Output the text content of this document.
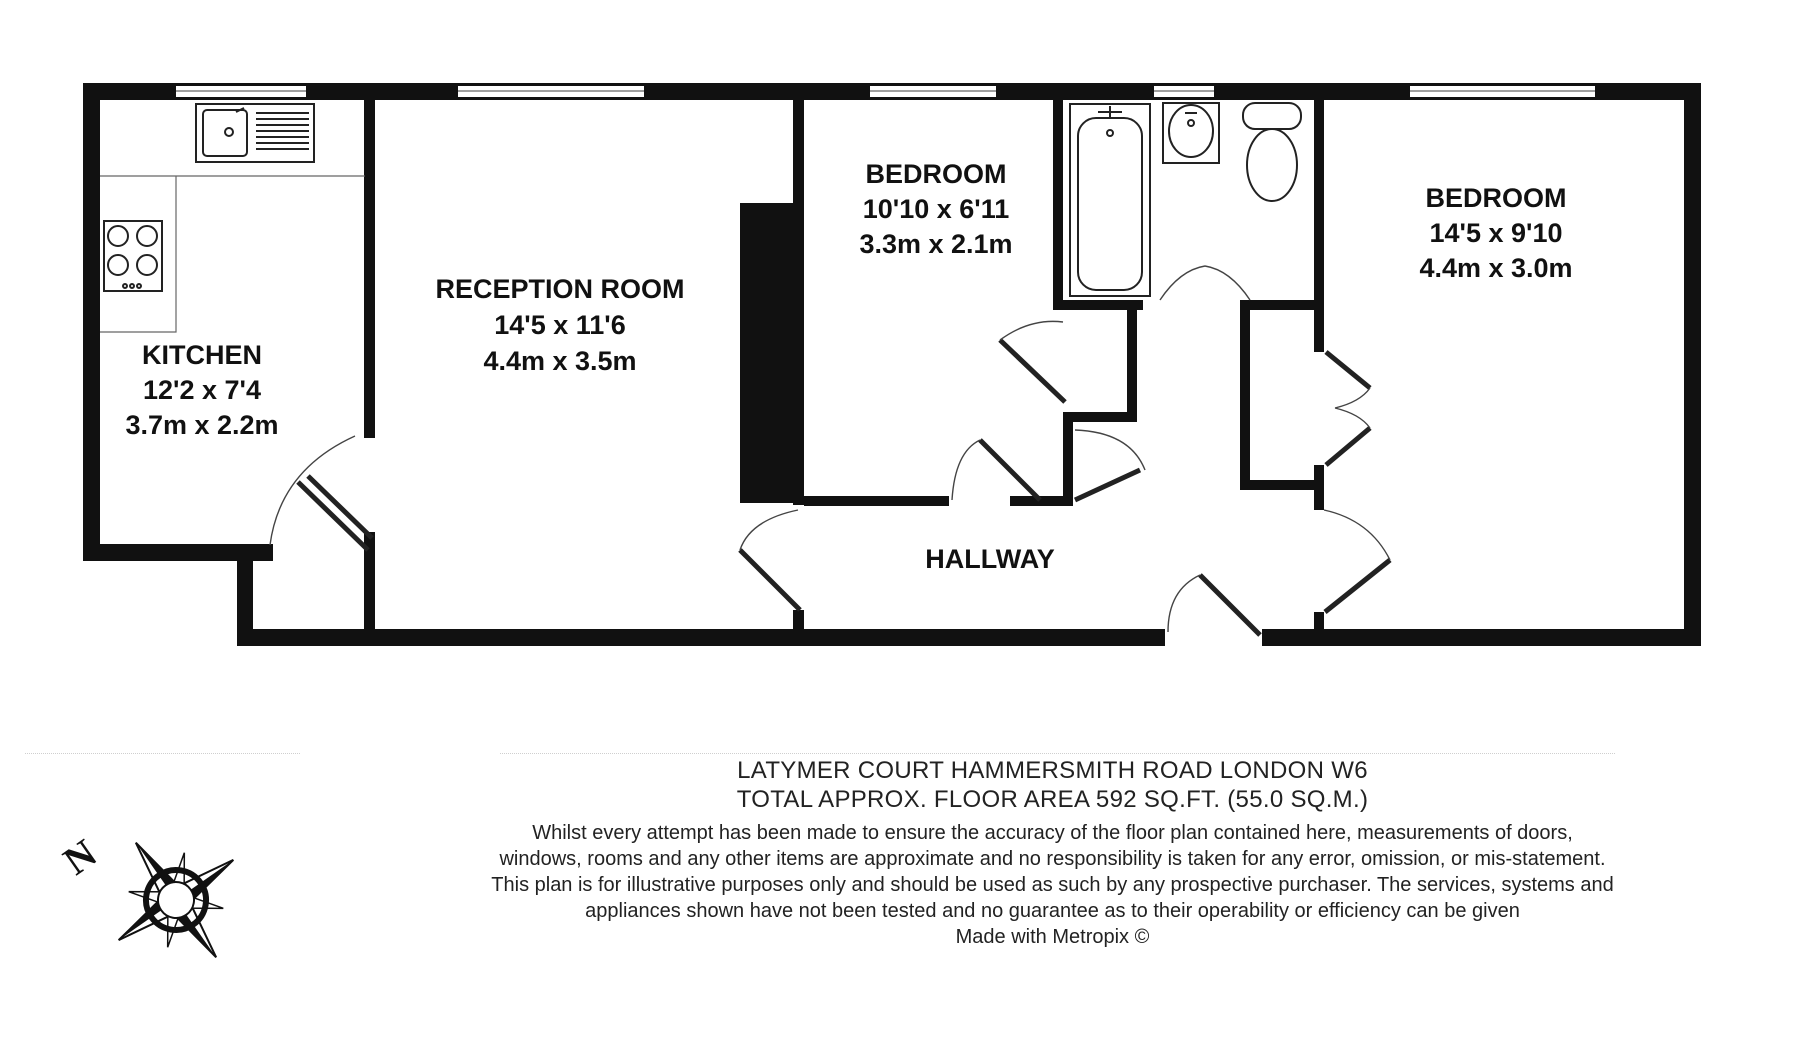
KITCHEN
12'2 x 7'4
3.7m x 2.2m
RECEPTION ROOM
14'5 x 11'6
4.4m x 3.5m
BEDROOM
10'10 x 6'11
3.3m x 2.1m
BEDROOM
14'5 x 9'10
4.4m x 3.0m
HALLWAY
N
LATYMER COURT HAMMERSMITH ROAD LONDON W6
TOTAL APPROX. FLOOR AREA 592 SQ.FT. (55.0 SQ.M.)
Whilst every attempt has been made to ensure the accuracy of the floor plan contained here, measurements of doors, windows, rooms and any other items are approximate and no responsibility is taken for any error, omission, or mis-statement. This plan is for illustrative purposes only and should be used as such by any prospective purchaser. The services, systems and appliances shown have not been tested and no guarantee as to their operability or efficiency can be given
Made with Metropix ©
